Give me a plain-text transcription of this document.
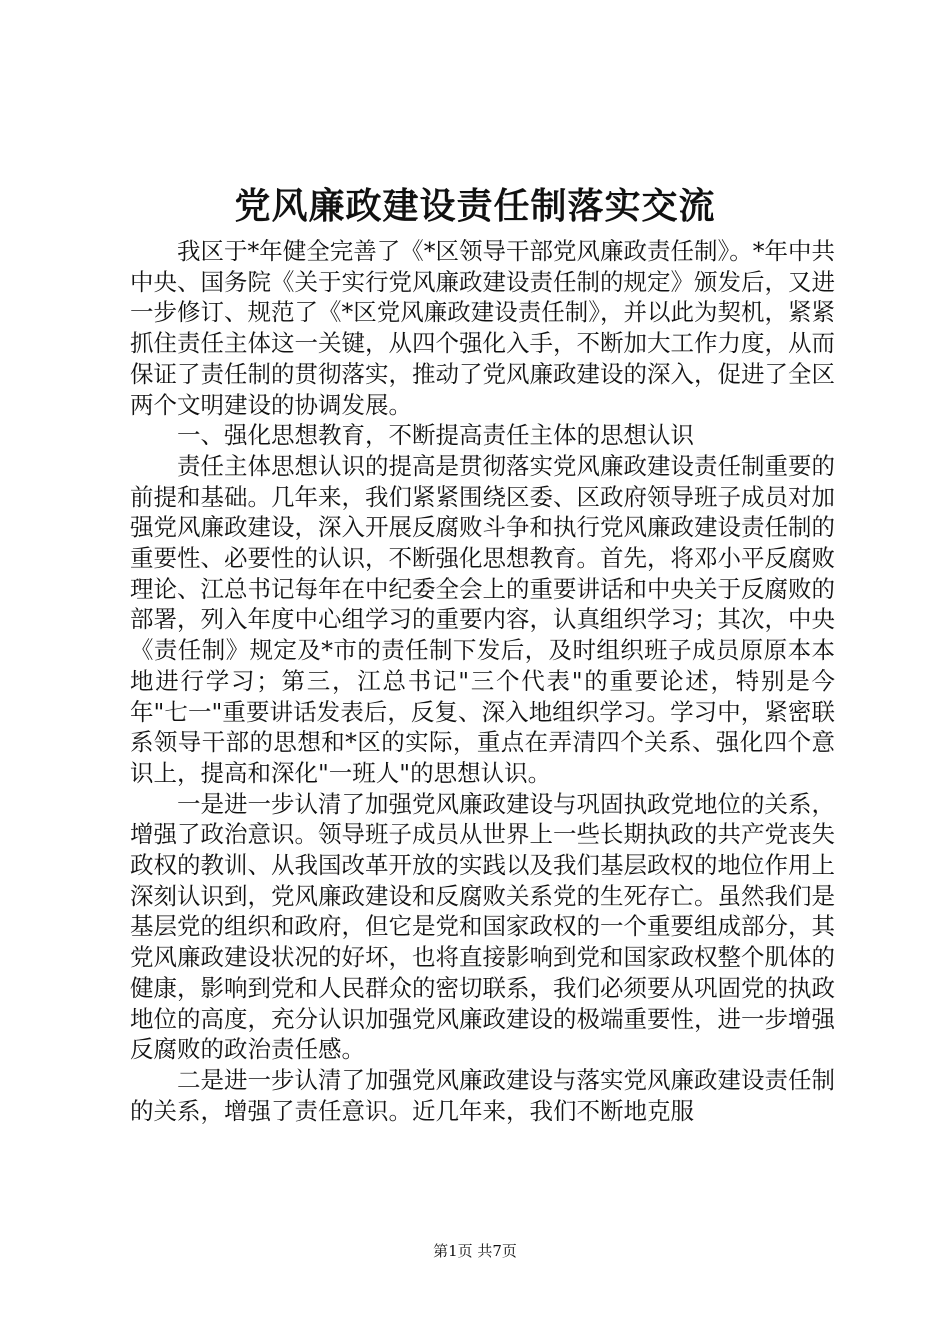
党风廉政建设责任制落实交流

我区于*年健全完善了《*区领导干部党风廉政责任制》。*年中共中央、国务院《关于实行党风廉政建设责任制的规定》颁发后，又进一步修订、规范了《*区党风廉政建设责任制》，并以此为契机，紧紧抓住责任主体这一关键，从四个强化入手，不断加大工作力度，从而保证了责任制的贯彻落实，推动了党风廉政建设的深入，促进了全区两个文明建设的协调发展。

一、强化思想教育，不断提高责任主体的思想认识

责任主体思想认识的提高是贯彻落实党风廉政建设责任制重要的前提和基础。几年来，我们紧紧围绕区委、区政府领导班子成员对加强党风廉政建设，深入开展反腐败斗争和执行党风廉政建设责任制的重要性、必要性的认识，不断强化思想教育。首先，将邓小平反腐败理论、江总书记每年在中纪委全会上的重要讲话和中央关于反腐败的部署，列入年度中心组学习的重要内容，认真组织学习；其次，中央《责任制》规定及*市的责任制下发后，及时组织班子成员原原本本地进行学习；第三，江总书记"三个代表"的重要论述，特别是今年"七一"重要讲话发表后，反复、深入地组织学习。学习中，紧密联系领导干部的思想和*区的实际，重点在弄清四个关系、强化四个意识上，提高和深化"一班人"的思想认识。

一是进一步认清了加强党风廉政建设与巩固执政党地位的关系，增强了政治意识。领导班子成员从世界上一些长期执政的共产党丧失政权的教训、从我国改革开放的实践以及我们基层政权的地位作用上深刻认识到，党风廉政建设和反腐败关系党的生死存亡。虽然我们是基层党的组织和政府，但它是党和国家政权的一个重要组成部分，其党风廉政建设状况的好坏，也将直接影响到党和国家政权整个肌体的健康，影响到党和人民群众的密切联系，我们必须要从巩固党的执政地位的高度，充分认识加强党风廉政建设的极端重要性，进一步增强反腐败的政治责任感。

二是进一步认清了加强党风廉政建设与落实党风廉政建设责任制的关系，增强了责任意识。近几年来，我们不断地克服

第1页 共7页
